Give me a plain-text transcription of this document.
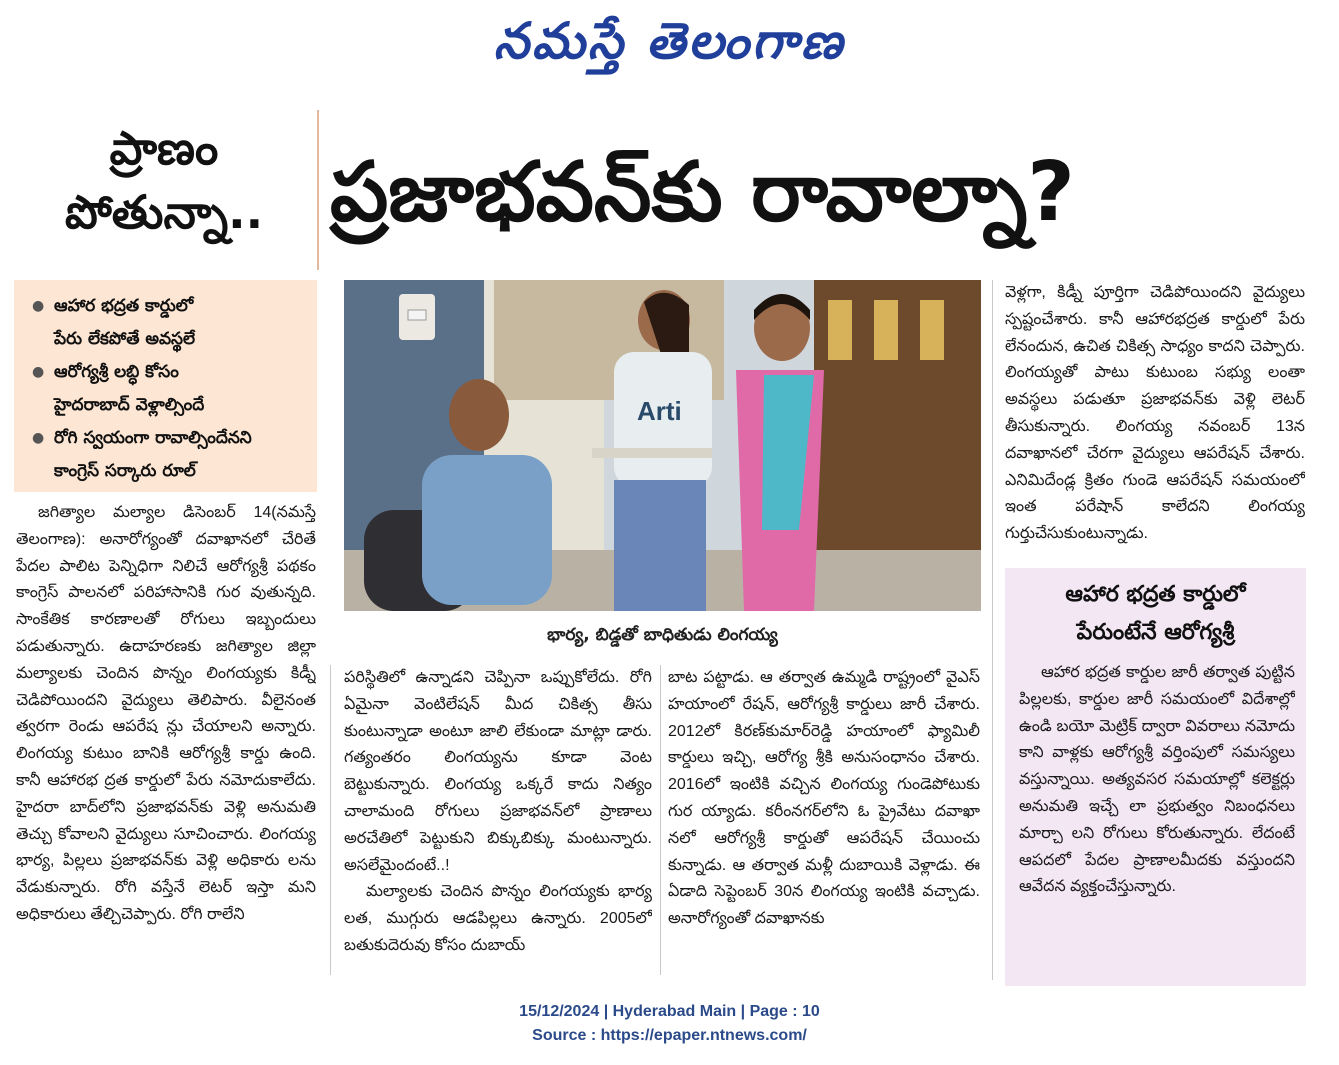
నమస్తే తెలంగాణ
ప్రాణం
పోతున్నా.. ప్రజాభవన్‌కు రావాల్నా?
● ఆహార భద్రత కార్డులో
పేరు లేకపోతే అవస్థలే
● ఆరోగ్యశ్రీ లబ్ధి కోసం
హైదరాబాద్ వెళ్లాల్సిందే
● రోగి స్వయంగా రావాల్సిందేనని
కాంగ్రెస్ సర్కారు రూల్

జగిత్యాల మల్యాల డిసెంబర్ 14(నమస్తే తెలంగాణ): అనారోగ్యంతో దవాఖానలో చేరితే పేదల పాలిట పెన్నిధిగా నిలిచే ఆరోగ్యశ్రీ పథకం కాంగ్రెస్ పాలనలో పరిహాసానికి గుర వుతున్నది. సాంకేతిక కారణాలతో రోగులు ఇబ్బందులు పడుతున్నారు. ఉదాహరణకు జగిత్యాల జిల్లా మల్యాలకు చెందిన పొన్నం లింగయ్యకు కిడ్నీ చెడిపోయిందని వైద్యులు తెలిపారు. వీలైనంత త్వరగా రెండు ఆపరేష న్లు చేయాలని అన్నారు. లింగయ్య కుటుం బానికి ఆరోగ్యశ్రీ కార్డు ఉంది. కానీ ఆహారభ ద్రత కార్డులో పేరు నమోదుకాలేదు. హైదరా బాద్‌లోని ప్రజాభవన్‌కు వెళ్లి అనుమతి తెచ్చు కోవాలని వైద్యులు సూచించారు. లింగయ్య భార్య, పిల్లలు ప్రజాభవన్‌కు వెళ్లి అధికారు లను వేడుకున్నారు. రోగి వస్తేనే లెటర్ ఇస్తా మని అధికారులు తేల్చిచెప్పారు. రోగి రాలేని

Arti
భార్య, బిడ్డతో బాధితుడు లింగయ్య

పరిస్థితిలో ఉన్నాడని చెప్పినా ఒప్పుకోలేదు. రోగి ఏమైనా వెంటిలేషన్ మీద చికిత్స తీసు కుంటున్నాడా అంటూ జాలి లేకుండా మాట్లా డారు. గత్యంతరం లింగయ్యను కూడా వెంట బెట్టుకున్నారు. లింగయ్య ఒక్కరే కాదు నిత్యం చాలామంది రోగులు ప్రజాభవన్‌లో ప్రాణాలు అరచేతిలో పెట్టుకుని బిక్కుబిక్కు మంటున్నారు. అసలేమైందంటే..!

మల్యాలకు చెందిన పొన్నం లింగయ్యకు భార్య లత, ముగ్గురు ఆడపిల్లలు ఉన్నారు. 2005లో బతుకుదెరువు కోసం దుబాయ్

బాట పట్టాడు. ఆ తర్వాత ఉమ్మడి రాష్ట్రంలో వైఎస్ హయాంలో రేషన్, ఆరోగ్యశ్రీ కార్డులు జారీ చేశారు. 2012లో కిరణ్‌కుమార్‌రెడ్డి హయాంలో ఫ్యామిలీ కార్డులు ఇచ్చి, ఆరోగ్య శ్రీకి అనుసంధానం చేశారు. 2016లో ఇంటికి వచ్చిన లింగయ్య గుండెపోటుకు గుర య్యాడు. కరీంనగర్‌లోని ఓ ప్రైవేటు దవాఖా నలో ఆరోగ్యశ్రీ కార్డుతో ఆపరేషన్ చేయించు కున్నాడు. ఆ తర్వాత మళ్లీ దుబాయికి వెళ్లాడు. ఈ ఏడాది సెప్టెంబర్ 30న లింగయ్య ఇంటికి వచ్చాడు. అనారోగ్యంతో దవాఖానకు

వెళ్లగా, కిడ్నీ పూర్తిగా చెడిపోయిందని వైద్యులు స్పష్టంచేశారు. కానీ ఆహారభద్రత కార్డులో పేరు లేనందున, ఉచిత చికిత్స సాధ్యం కాదని చెప్పారు. లింగయ్యతో పాటు కుటుంబ సభ్యు లంతా అవస్థలు పడుతూ ప్రజాభవన్‌కు వెళ్లి లెటర్ తీసుకున్నారు. లింగయ్య నవంబర్ 13న దవాఖానలో చేరగా వైద్యులు ఆపరేషన్ చేశారు. ఎనిమిదేండ్ల క్రితం గుండె ఆపరేషన్ సమయంలో ఇంత పరేషాన్ కాలేదని లింగయ్య గుర్తుచేసుకుంటున్నాడు.

ఆహార భద్రత కార్డులో
పేరుంటేనే ఆరోగ్యశ్రీ

ఆహార భద్రత కార్డుల జారీ తర్వాత పుట్టిన పిల్లలకు, కార్డుల జారీ సమయంలో విదేశాల్లో ఉండి బయో మెట్రిక్ ద్వారా వివరాలు నమోదు కాని వాళ్లకు ఆరోగ్యశ్రీ వర్తింపులో సమస్యలు వస్తున్నాయి. అత్యవసర సమయాల్లో కలెక్టర్లు అనుమతి ఇచ్చే లా ప్రభుత్వం నిబంధనలు మార్చా లని రోగులు కోరుతున్నారు. లేదంటే ఆపదలో పేదల ప్రాణాలమీదకు వస్తుందని ఆవేదన వ్యక్తంచేస్తున్నారు.

15/12/2024 | Hyderabad Main | Page : 10
Source : https://epaper.ntnews.com/
